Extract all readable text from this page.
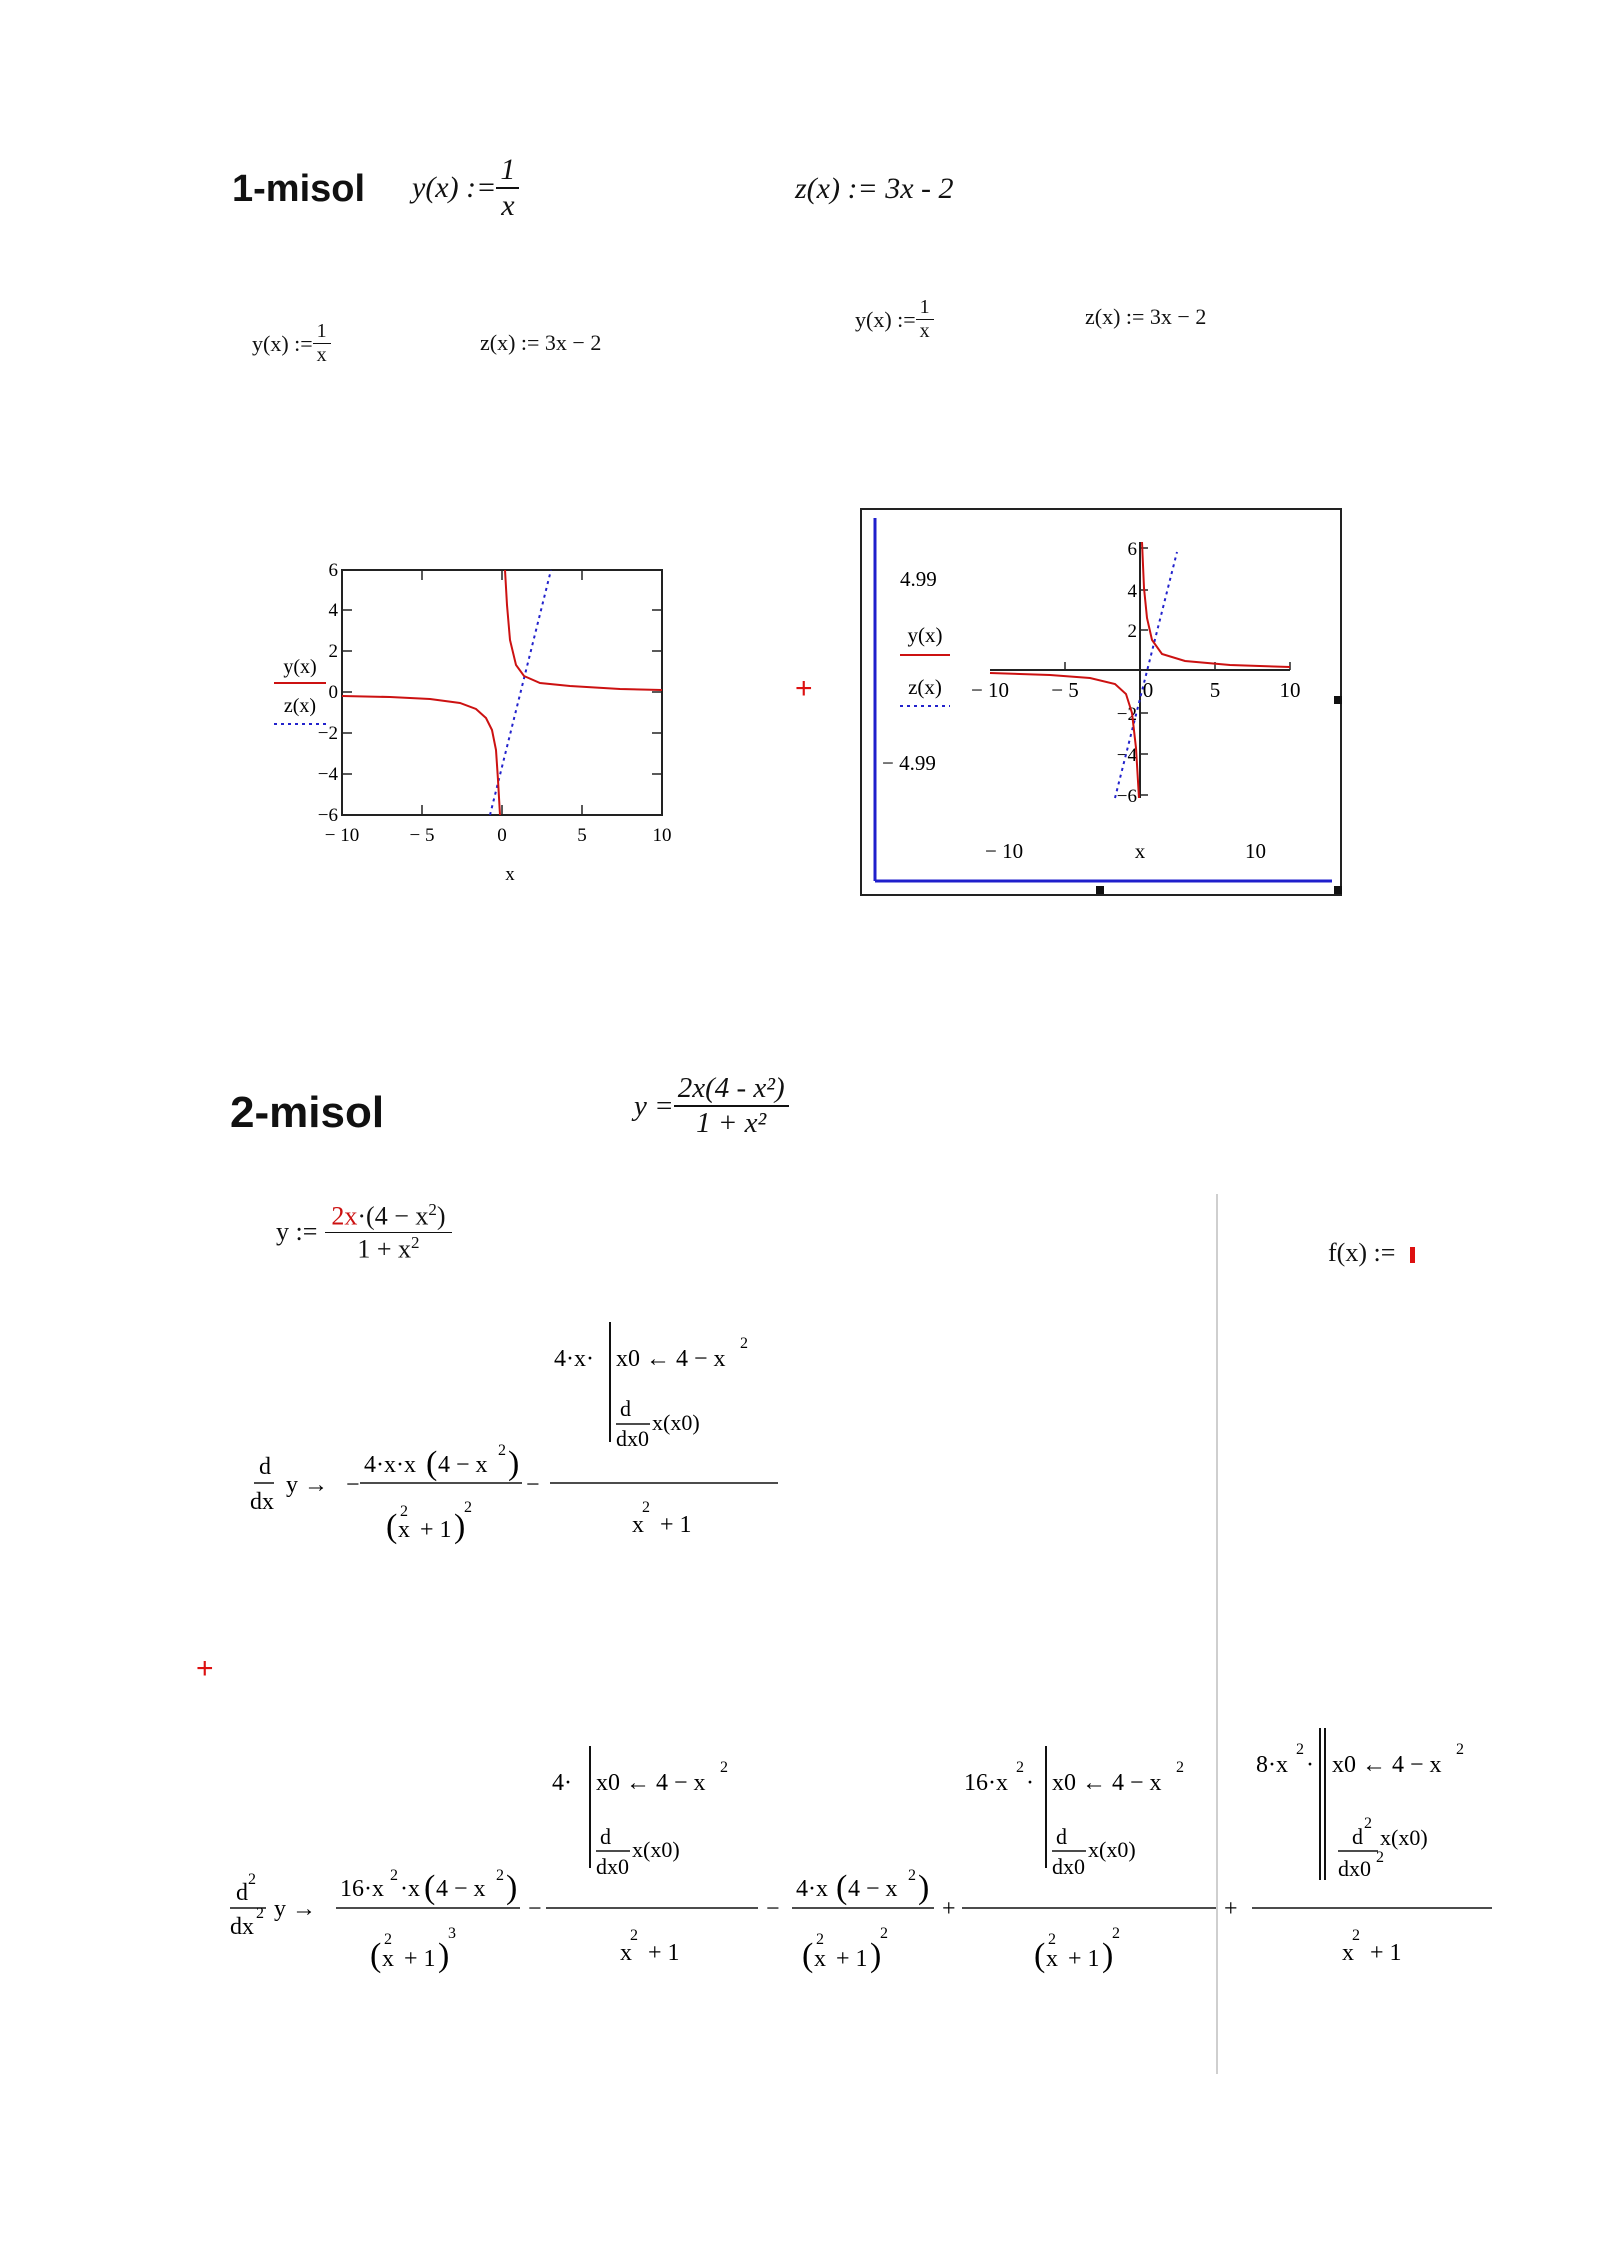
1-misol y(x) := $\frac{1}{x}$	z(x) := 3x - 2
y(x) := $\frac{1}{x}$	z(x) := 3x − 2
y(x) := $\frac{1}{x}$	z(x) := 3x − 2
6
4
2
0
−2
−4
−6
− 10	− 5	0	5	10
x
y(x)
z(x)
+
4.99
y(x)
z(x)
− 4.99
− 10	x	10
− 10 − 5	0	5	10
6
4
2
−2
−4
−6
2-misol	$y = \frac{\text{2x(4 - x²)}}{\text{1 + x²}}$
y := $\frac{2x\cdot(4 - x^2)}{1 + x^2}$	f(x) :=
d
dx
y → −
4·x·x ( 4 − x
2 )
( x
2
+ 1 )
2
−
4·x· x0 ← 4 − x
2
d
x(x0)
dx0
x
2
+ 1
+
d
2
dx
2 y →
16·x
2
·x ( 4 − x
2 )
( x
2
+ 1 )
3
−
4· x0 ← 4 − x
2
d
x(x0)
dx0
x
2
+ 1
−
4·x ( 4 − x
2 )
( x
2
+ 1 )
2
+
16·x
2
· x0 ← 4 − x
2
d
x(x0)
dx0
( x
2
+ 1 )
2
+
8·x
2
· x0 ← 4 − x
2
d
2
x(x0)
dx0 2
x
2
+ 1
